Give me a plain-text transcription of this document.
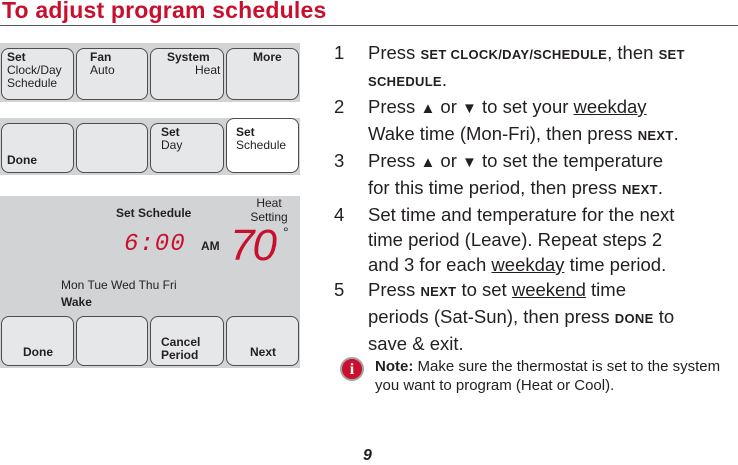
To adjust program schedules
Set
Clock/Day
Schedule
Fan
Auto
System
Heat
More
Done
Set
Day
Set
Schedule
Set Schedule
Heat
Setting
6:00 AM 70 °
Mon Tue Wed Thu Fri
Wake
Done
Cancel
Period	Next
1 Press SET CLOCK/DAY/SCHEDULE, then SET
SCHEDULE.
2 Press ▲ or ▼ to set your weekday
Wake time (Mon-Fri), then press NEXT.
3 Press ▲ or ▼ to set the temperature
for this time period, then press NEXT.
4 Set time and temperature for the next
time period (Leave). Repeat steps 2
and 3 for each weekday time period.
5 Press NEXT to set weekend time
periods (Sat-Sun), then press DONE to
save & exit.
i	Note: Make sure the thermostat is set to the system you want to program (Heat or Cool).
9
